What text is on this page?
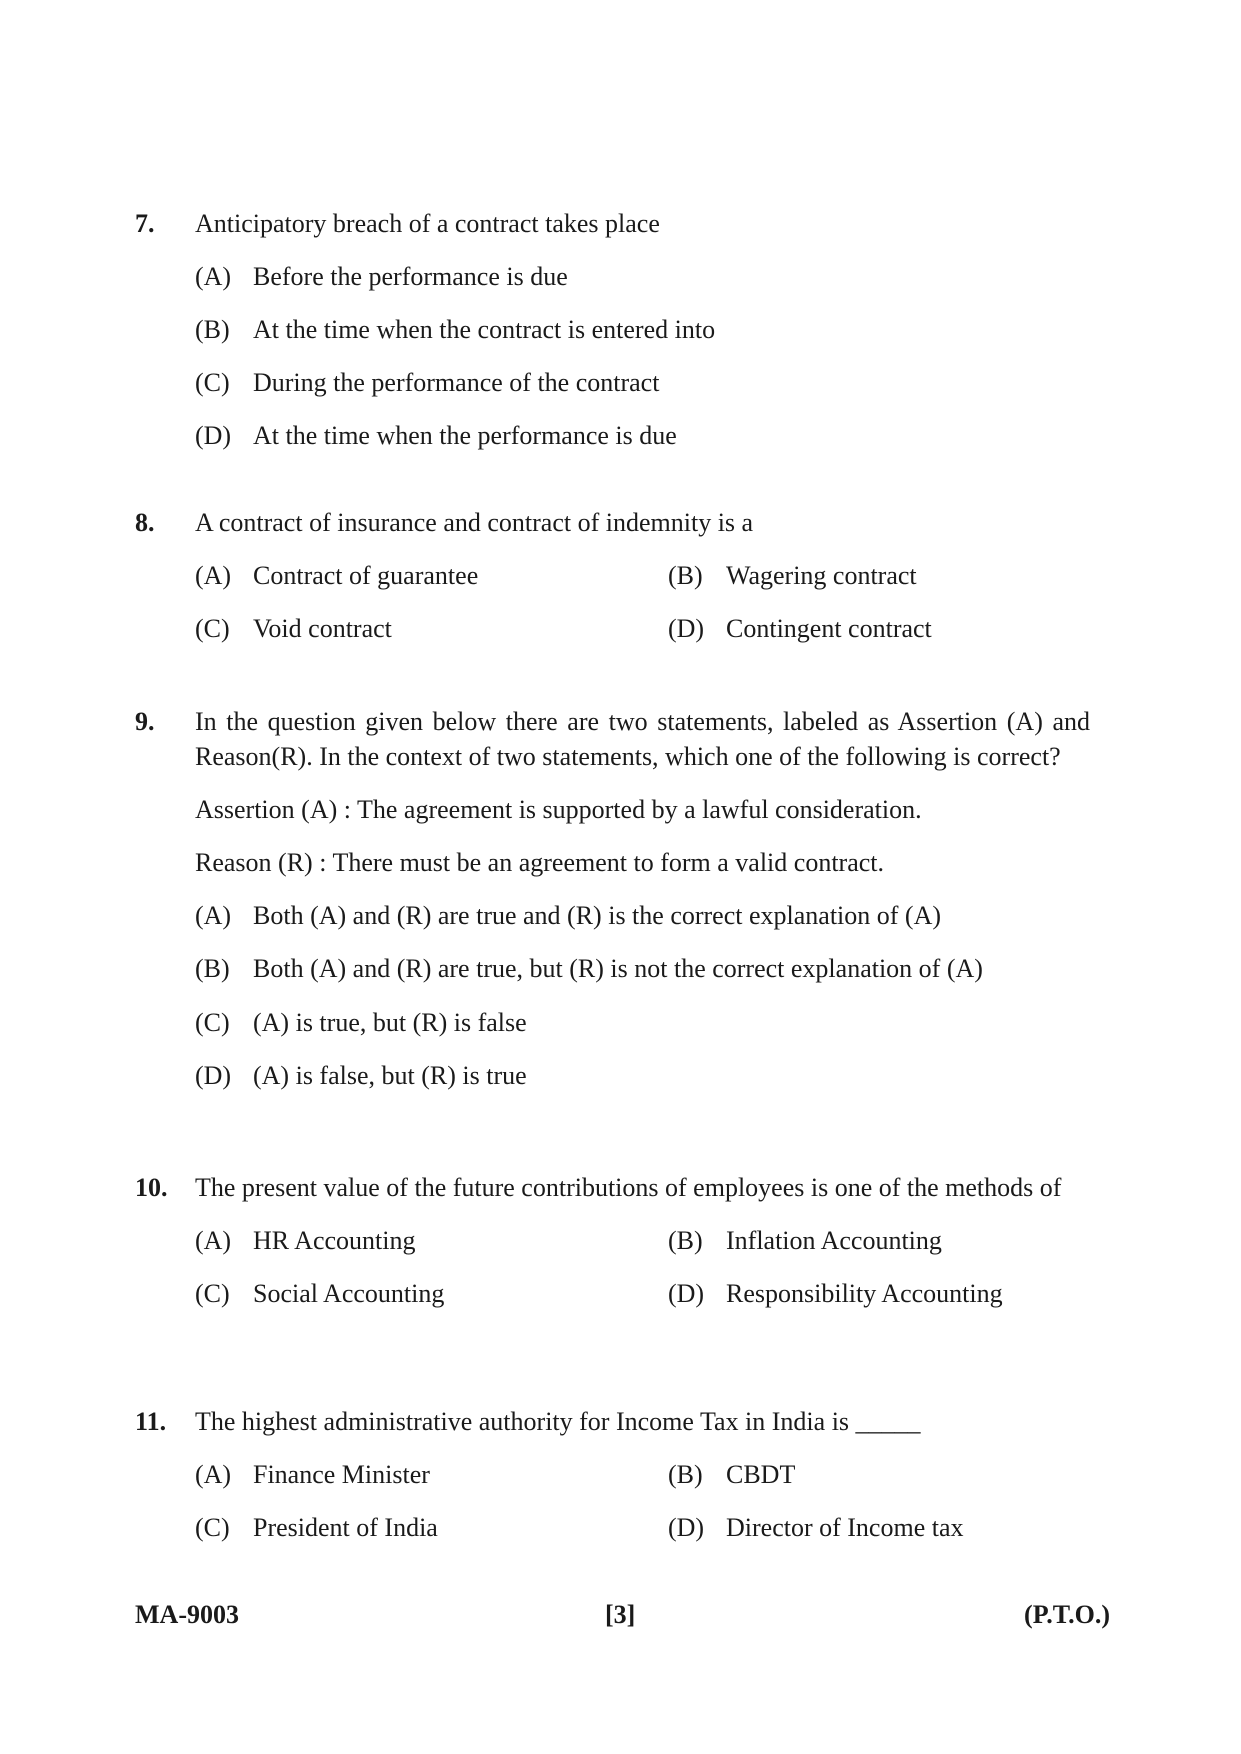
7.	Anticipatory breach of a contract takes place
(A) Before the performance is due
(B) At the time when the contract is entered into
(C) During the performance of the contract
(D) At the time when the performance is due
8.	A contract of insurance and contract of indemnity is a
(A) Contract of guarantee	(B) Wagering contract
(C) Void contract	(D) Contingent contract
9.	In the question given below there are two statements, labeled as Assertion (A) and Reason(R). In the context of two statements, which one of the following is correct?
Assertion (A) : The agreement is supported by a lawful consideration.
Reason (R) : There must be an agreement to form a valid contract.
(A) Both (A) and (R) are true and (R) is the correct explanation of (A)
(B) Both (A) and (R) are true, but (R) is not the correct explanation of (A)
(C) (A) is true, but (R) is false
(D) (A) is false, but (R) is true
10.	The present value of the future contributions of employees is one of the methods of
(A) HR Accounting	(B) Inflation Accounting
(C) Social Accounting	(D) Responsibility Accounting
11.	The highest administrative authority for Income Tax in India is _____
(A) Finance Minister	(B) CBDT
(C) President of India	(D) Director of Income tax
MA-9003	[3]	(P.T.O.)
